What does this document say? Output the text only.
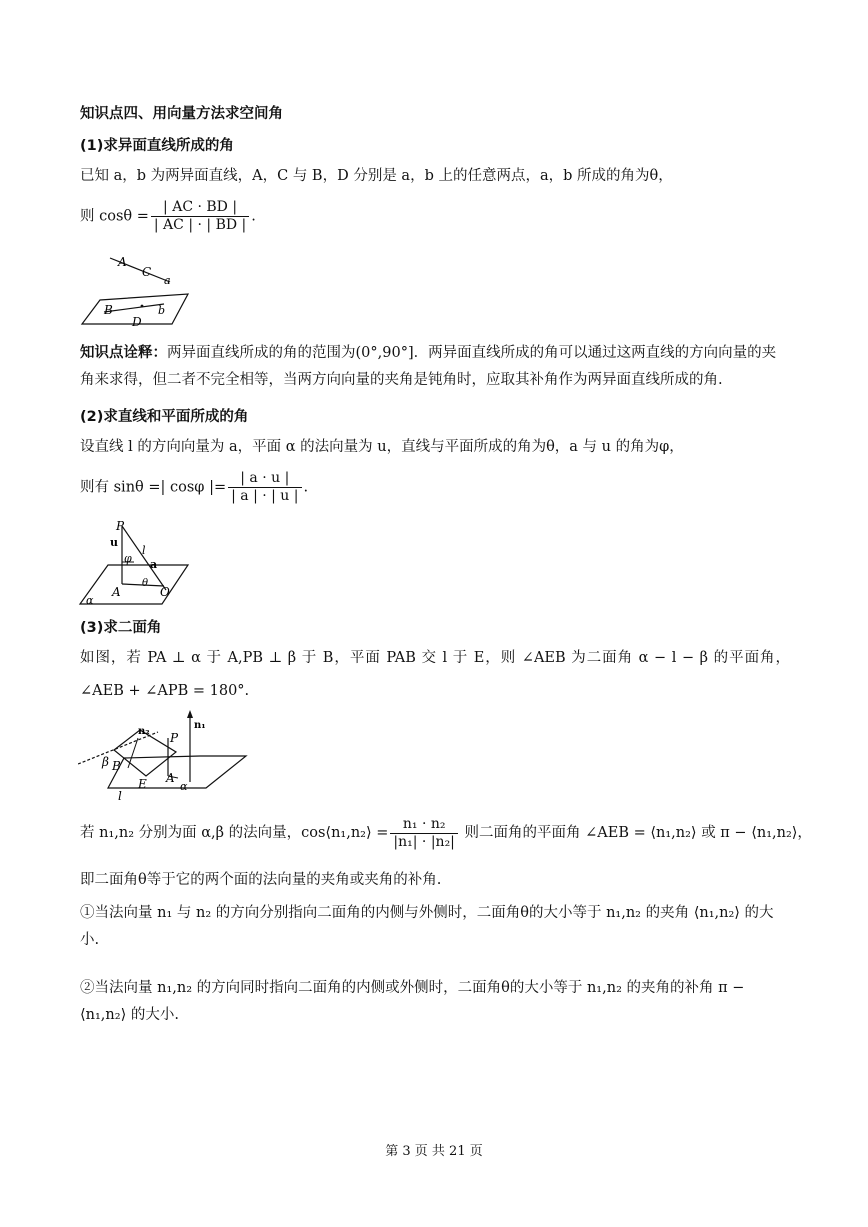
知识点四、用向量方法求空间角
(1)求异面直线所成的角
已知 a，b 为两异面直线，A，C 与 B，D 分别是 a，b 上的任意两点，a，b 所成的角为θ，
则 $\cos\theta = \frac{| AC \cdot BD |}{| AC | \cdot | BD |}$ .
A
C
a
B	b
D
知识点诠释：两异面直线所成的角的范围为(0°,90°]．两异面直线所成的角可以通过这两直线的方向向量的夹角来求得，但二者不完全相等，当两方向向量的夹角是钝角时，应取其补角作为两异面直线所成的角.
(2)求直线和平面所成的角
设直线 l 的方向向量为 a，平面 α 的法向量为 u，直线与平面所成的角为θ，a 与 u 的角为φ，
则有 sinθ =| cosφ |= $\frac{| a \cdot u |}{| a | \cdot | u |}$ .
P
u
l
φ a
θ
A	O
α
(3)求二面角
如图，若 PA ⊥ α 于 A,PB ⊥ β 于 B，平面 PAB 交 l 于 E，则 ∠AEB 为二面角 α − l − β 的平面角，
∠AEB + ∠APB = 180°.
n₂
n₁
P
β B
E A
α
l
若 n₁,n₂ 分别为面 α,β 的法向量，cos⟨n₁,n₂⟩ = $\frac{\text{n₁ · n₂}}{\text{|n₁| · |n₂|}}$ 则二面角的平面角 ∠AEB = ⟨n₁,n₂⟩ 或 π − ⟨n₁,n₂⟩，
即二面角θ等于它的两个面的法向量的夹角或夹角的补角.
①当法向量 n₁ 与 n₂ 的方向分别指向二面角的内侧与外侧时，二面角θ的大小等于 n₁,n₂ 的夹角 ⟨n₁,n₂⟩ 的大小.
②当法向量 n₁,n₂ 的方向同时指向二面角的内侧或外侧时，二面角θ的大小等于 n₁,n₂ 的夹角的补角 π − ⟨n₁,n₂⟩ 的大小.
第 3 页 共 21 页
